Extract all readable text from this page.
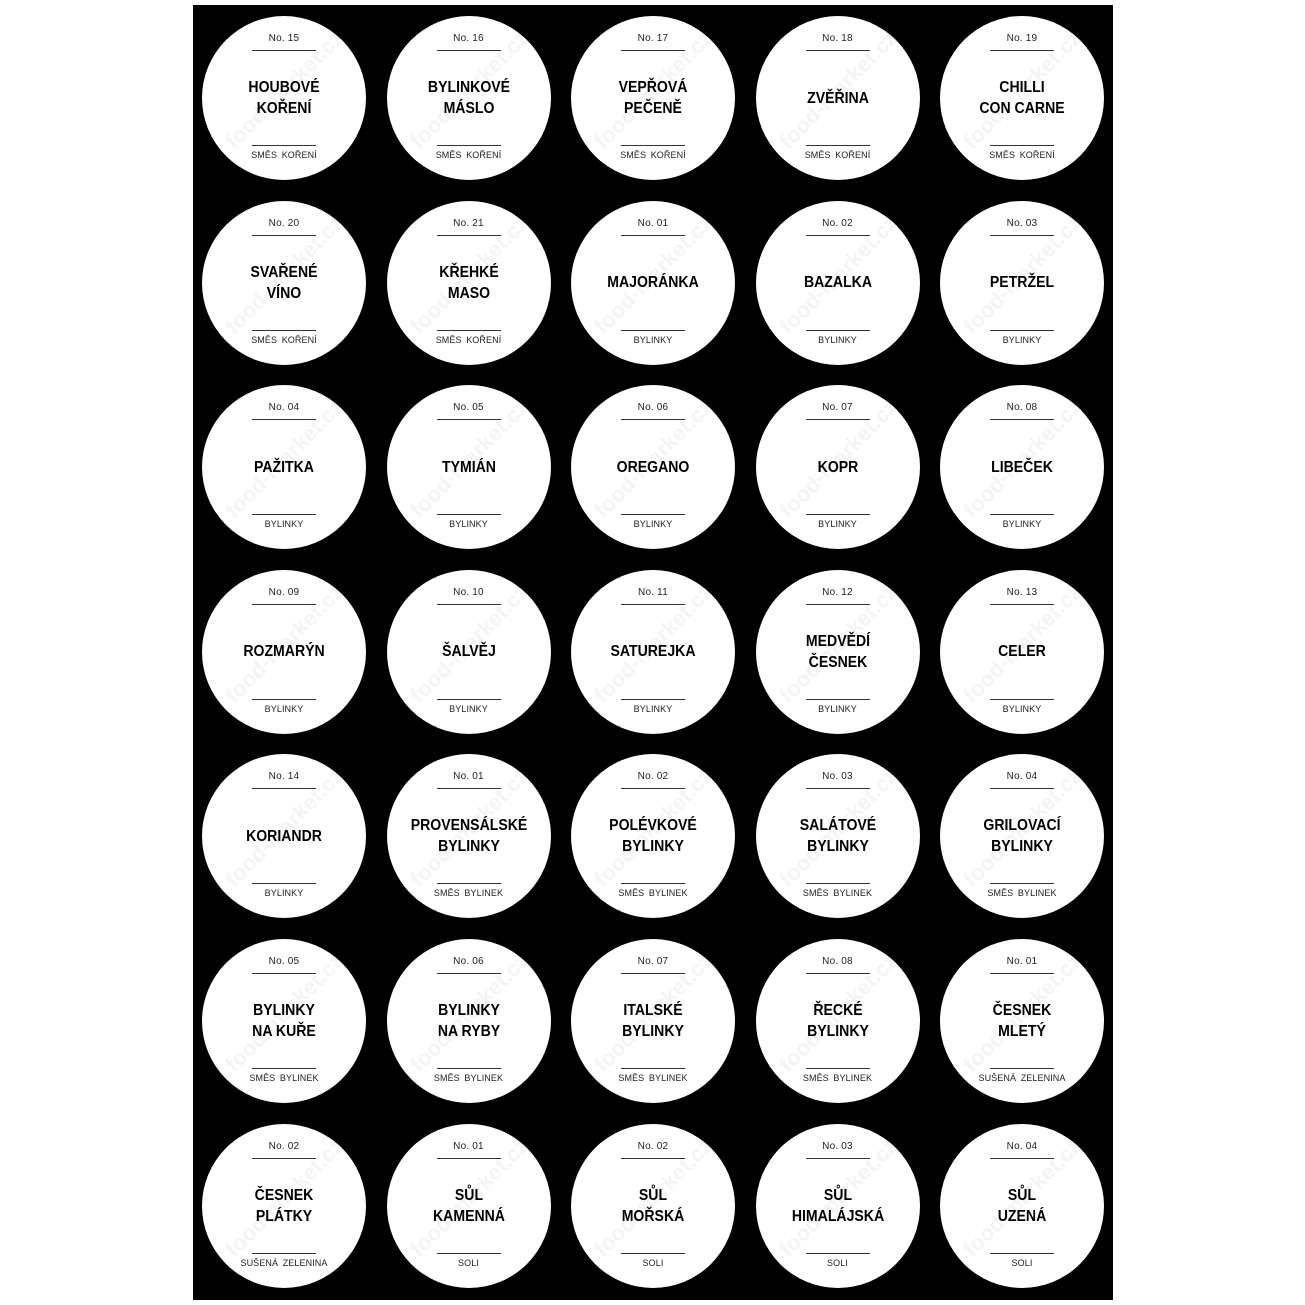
No. 15
HOUBOVÉ
KOŘENÍ
SMĚS KOŘENÍ
No. 16
BYLINKOVÉ
MÁSLO
SMĚS KOŘENÍ
No. 17
VEPŘOVÁ
PEČENĚ
SMĚS KOŘENÍ
No. 18
ZVĚŘINA
SMĚS KOŘENÍ
No. 19
CHILLI
CON CARNE
SMĚS KOŘENÍ
No. 20
SVAŘENÉ
VÍNO
SMĚS KOŘENÍ
No. 21
KŘEHKÉ
MASO
SMĚS KOŘENÍ
No. 01
MAJORÁNKA
BYLINKY
No. 02
BAZALKA
BYLINKY
No. 03
PETRŽEL
BYLINKY
No. 04
PAŽITKA
BYLINKY
No. 05
TYMIÁN
BYLINKY
No. 06
OREGANO
BYLINKY
No. 07
KOPR
BYLINKY
No. 08
LIBEČEK
BYLINKY
No. 09
ROZMARÝN
BYLINKY
No. 10
ŠALVĚJ
BYLINKY
No. 11
SATUREJKA
BYLINKY
No. 12
MEDVĚDÍ
ČESNEK
BYLINKY
No. 13
CELER
BYLINKY
No. 14
KORIANDR
BYLINKY
No. 01
PROVENSÁLSKÉ
BYLINKY
SMĚS BYLINEK
No. 02
POLÉVKOVÉ
BYLINKY
SMĚS BYLINEK
No. 03
SALÁTOVÉ
BYLINKY
SMĚS BYLINEK
No. 04
GRILOVACÍ
BYLINKY
SMĚS BYLINEK
No. 05
BYLINKY
NA KUŘE
SMĚS BYLINEK
No. 06
BYLINKY
NA RYBY
SMĚS BYLINEK
No. 07
ITALSKÉ
BYLINKY
SMĚS BYLINEK
No. 08
ŘECKÉ
BYLINKY
SMĚS BYLINEK
No. 01
ČESNEK
MLETÝ
SUŠENÁ ZELENINA
No. 02
ČESNEK
PLÁTKY
SUŠENÁ ZELENINA
No. 01
SŮL
KAMENNÁ
SOLI
No. 02
SŮL
MOŘSKÁ
SOLI
No. 03
SŮL
HIMALÁJSKÁ
SOLI
No. 04
SŮL
UZENÁ
SOLI
